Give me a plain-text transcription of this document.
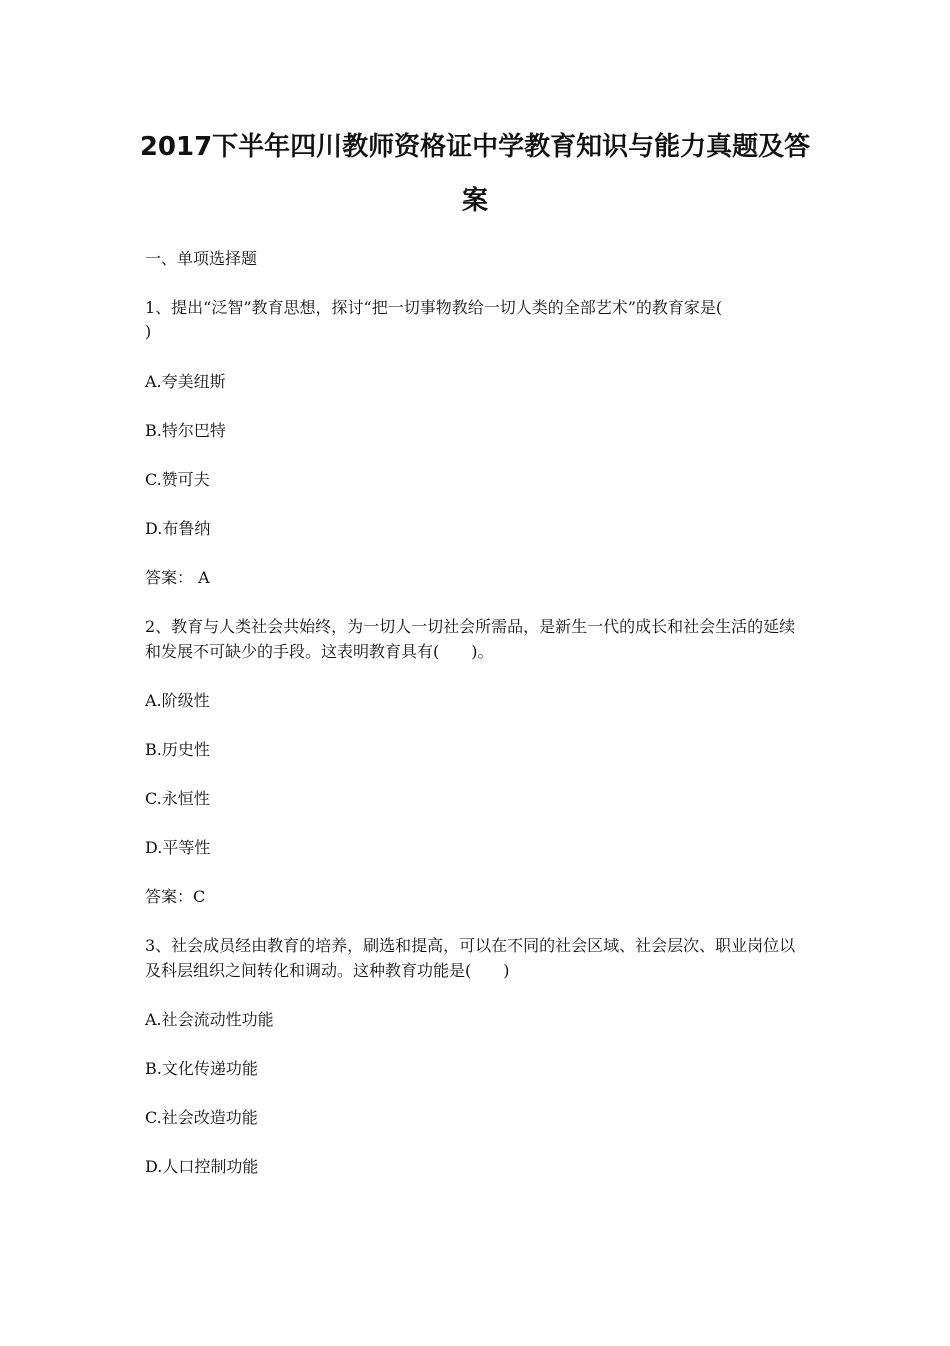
2017下半年四川教师资格证中学教育知识与能力真题及答
案

一、单项选择题

1、提出“泛智”教育思想，探讨“把一切事物教给一切人类的全部艺术”的教育家是(

)

A.夸美纽斯

B.特尔巴特

C.赞可夫

D.布鲁纳

答案： A

2、教育与人类社会共始终，为一切人一切社会所需品，是新生一代的成长和社会生活的延续

和发展不可缺少的手段。这表明教育具有(　　)。

A.阶级性

B.历史性

C.永恒性

D.平等性

答案：C

3、社会成员经由教育的培养，刷选和提高，可以在不同的社会区域、社会层次、职业岗位以

及科层组织之间转化和调动。这种教育功能是(　　)

A.社会流动性功能

B.文化传递功能

C.社会改造功能

D.人口控制功能
